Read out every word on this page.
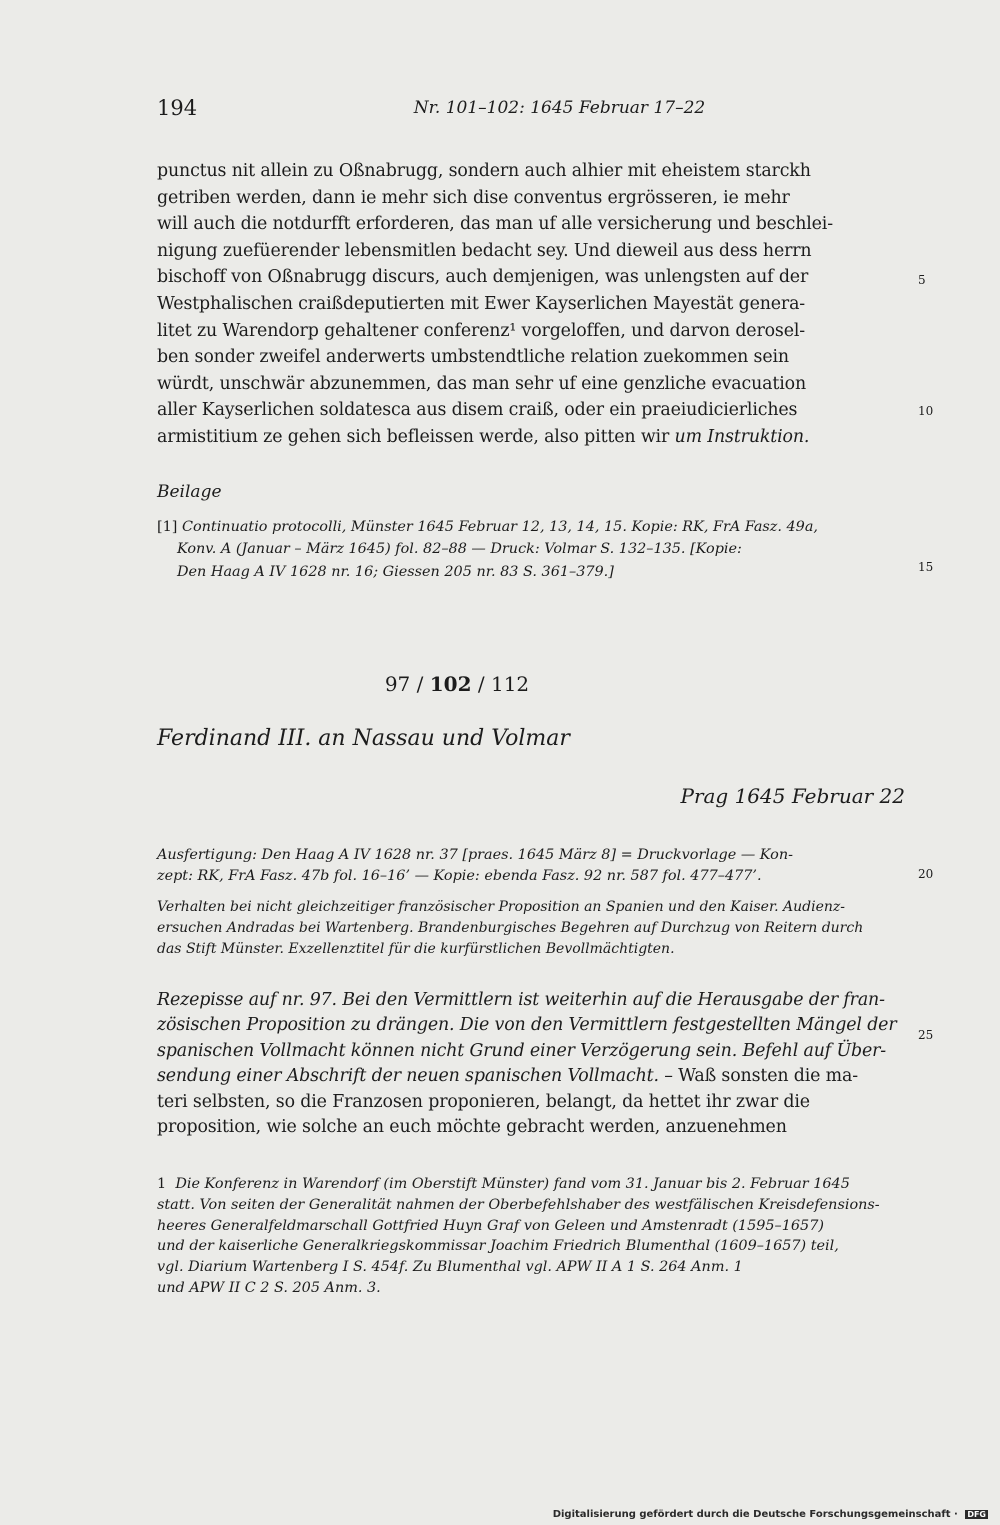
194	Nr. 101–102: 1645 Februar 17–22
punctus nit allein zu Oßnabrugg, sondern auch alhier mit eheistem starckh
getriben werden, dann ie mehr sich dise conventus ergrösseren, ie mehr
will auch die notdurfft erforderen, das man uf alle versicherung und beschlei-
nigung zuefüerender lebensmitlen bedacht sey. Und dieweil aus dess herrn
bischoff von Oßnabrugg discurs, auch demjenigen, was unlengsten auf der
Westphalischen craißdeputierten mit Ewer Kayserlichen Mayestät genera-
litet zu Warendorp gehaltener conferenz¹ vorgeloffen, und darvon derosel-
ben sonder zweifel anderwerts umbstendtliche relation zuekommen sein
würdt, unschwär abzunemmen, das man sehr uf eine genzliche evacuation
aller Kayserlichen soldatesca aus disem craiß, oder ein praeiudicierliches
armistitium ze gehen sich befleissen werde, also pitten wir um Instruktion.
Beilage
[1] Continuatio protocolli, Münster 1645 Februar 12, 13, 14, 15. Kopie: RK, FrA Fasz. 49a,
Konv. A (Januar – März 1645) fol. 82–88 — Druck: Volmar S. 132–135. [Kopie:
Den Haag A IV 1628 nr. 16; Giessen 205 nr. 83 S. 361–379.]
97 / 102 / 112
Ferdinand III. an Nassau und Volmar
Prag 1645 Februar 22
Ausfertigung: Den Haag A IV 1628 nr. 37 [praes. 1645 März 8] = Druckvorlage — Kon-
zept: RK, FrA Fasz. 47b fol. 16–16’ — Kopie: ebenda Fasz. 92 nr. 587 fol. 477–477’.
Verhalten bei nicht gleichzeitiger französischer Proposition an Spanien und den Kaiser. Audienz-
ersuchen Andradas bei Wartenberg. Brandenburgisches Begehren auf Durchzug von Reitern durch
das Stift Münster. Exzellenztitel für die kurfürstlichen Bevollmächtigten.
Rezepisse auf nr. 97. Bei den Vermittlern ist weiterhin auf die Herausgabe der fran-
zösischen Proposition zu drängen. Die von den Vermittlern festgestellten Mängel der
spanischen Vollmacht können nicht Grund einer Verzögerung sein. Befehl auf Über-
sendung einer Abschrift der neuen spanischen Vollmacht. – Waß sonsten die ma-
teri selbsten, so die Franzosen proponieren, belangt, da hettet ihr zwar die
proposition, wie solche an euch möchte gebracht werden, anzuenehmen
1 Die Konferenz in Warendorf (im Oberstift Münster) fand vom 31. Januar bis 2. Februar 1645
statt. Von seiten der Generalität nahmen der Oberbefehlshaber des westfälischen Kreisdefensions-
heeres Generalfeldmarschall Gottfried Huyn Graf von Geleen und Amstenradt (1595–1657)
und der kaiserliche Generalkriegskommissar Joachim Friedrich Blumenthal (1609–1657) teil,
vgl. Diarium Wartenberg I S. 454f. Zu Blumenthal vgl. APW II A 1 S. 264 Anm. 1
und APW II C 2 S. 205 Anm. 3.
5
10
15
20
25
Digitalisierung gefördert durch die Deutsche Forschungsgemeinschaft · DFG
